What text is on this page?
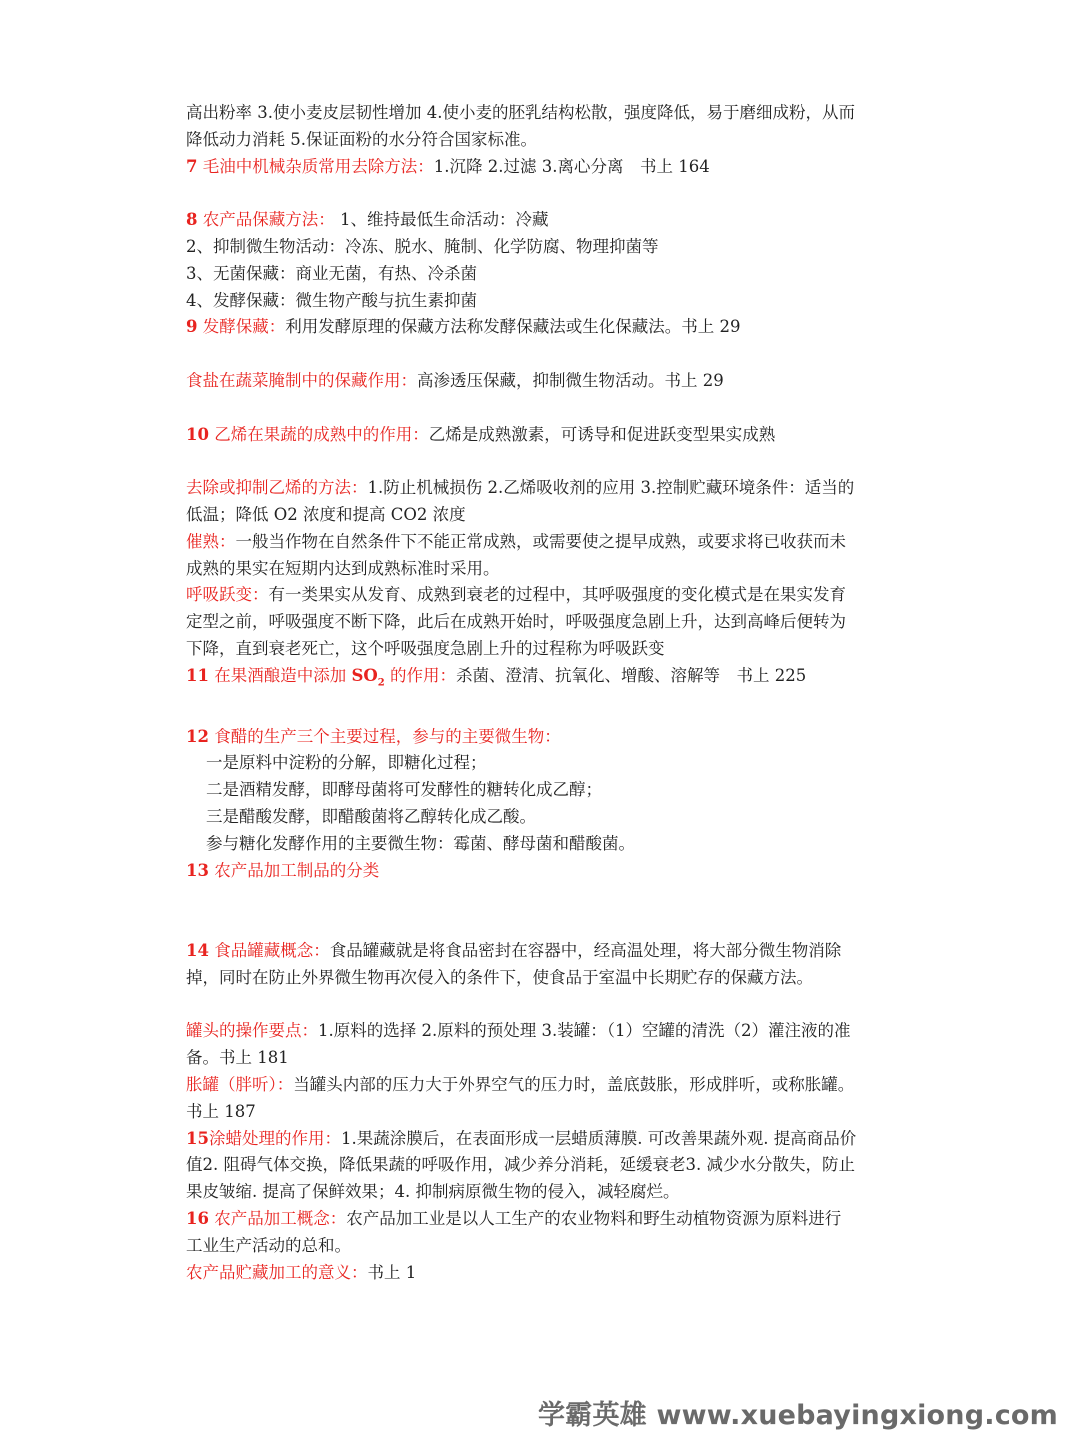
高出粉率 3.使小麦皮层韧性增加 4.使小麦的胚乳结构松散，强度降低，易于磨细成粉，从而
降低动力消耗 5.保证面粉的水分符合国家标准。
7 毛油中机械杂质常用去除方法：1.沉降 2.过滤 3.离心分离　书上 164
8 农产品保藏方法： 1、维持最低生命活动：冷藏
2、抑制微生物活动：冷冻、脱水、腌制、化学防腐、物理抑菌等
3、无菌保藏：商业无菌，有热、冷杀菌
4、发酵保藏：微生物产酸与抗生素抑菌
9 发酵保藏：利用发酵原理的保藏方法称发酵保藏法或生化保藏法。书上 29
食盐在蔬菜腌制中的保藏作用：高渗透压保藏，抑制微生物活动。书上 29
10 乙烯在果蔬的成熟中的作用：乙烯是成熟激素，可诱导和促进跃变型果实成熟
去除或抑制乙烯的方法：1.防止机械损伤 2.乙烯吸收剂的应用 3.控制贮藏环境条件：适当的
低温；降低 O2 浓度和提高 CO2 浓度
催熟：一般当作物在自然条件下不能正常成熟，或需要使之提早成熟，或要求将已收获而未
成熟的果实在短期内达到成熟标准时采用。
呼吸跃变：有一类果实从发育、成熟到衰老的过程中，其呼吸强度的变化模式是在果实发育
定型之前，呼吸强度不断下降，此后在成熟开始时，呼吸强度急剧上升，达到高峰后便转为
下降，直到衰老死亡，这个呼吸强度急剧上升的过程称为呼吸跃变
11 在果酒酿造中添加 $SO_2$ 的作用：杀菌、澄清、抗氧化、增酸、溶解等　书上 225
12 食醋的生产三个主要过程，参与的主要微生物：
一是原料中淀粉的分解，即糖化过程；
二是酒精发酵，即酵母菌将可发酵性的糖转化成乙醇；
三是醋酸发酵，即醋酸菌将乙醇转化成乙酸。
参与糖化发酵作用的主要微生物：霉菌、酵母菌和醋酸菌。
13 农产品加工制品的分类
14 食品罐藏概念：食品罐藏就是将食品密封在容器中，经高温处理，将大部分微生物消除
掉，同时在防止外界微生物再次侵入的条件下，使食品于室温中长期贮存的保藏方法。
罐头的操作要点：1.原料的选择 2.原料的预处理 3.装罐：（1）空罐的清洗（2）灌注液的准
备。书上 181
胀罐（胖听）：当罐头内部的压力大于外界空气的压力时，盖底鼓胀，形成胖听，或称胀罐。
书上 187
15涂蜡处理的作用：1.果蔬涂膜后，在表面形成一层蜡质薄膜. 可改善果蔬外观. 提高商品价
值2. 阻碍气体交换，降低果蔬的呼吸作用，减少养分消耗，延缓衰老3. 减少水分散失，防止
果皮皱缩. 提高了保鲜效果；4. 抑制病原微生物的侵入，减轻腐烂。
16 农产品加工概念：农产品加工业是以人工生产的农业物料和野生动植物资源为原料进行
工业生产活动的总和。
农产品贮藏加工的意义：书上 1
学霸英雄 www.xuebayingxiong.com
